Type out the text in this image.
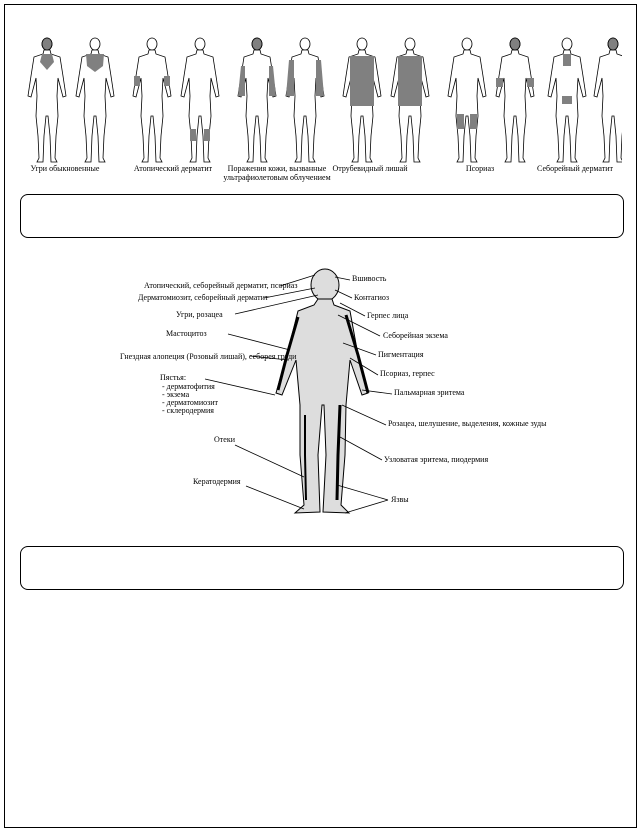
Угри обыкновенные	Атопический дерматит	Поражения кожи, вызванные ультрафиолетовым облучением
Отрубевидный лишай	Псориаз	Себорейный дерматит
Атопический, себорейный дерматит, псориаз
Дерматомиозит, себорейный дерматит
Угри, розацеа
Мастоцитоз
Гнездная алопеция (Розовый лишай), себорея груди
Пястья:
- дерматофития
- экзема
- дерматомиозит
- склеродермия
Отеки
Кератодермия
Вшивость
Контагиоз
Герпес лица
Себорейная экзема
Пигментация
Псориаз, герпес
Пальмарная эритема
Розацеа, шелушение, выделения, кожные зуды
Узловатая эритема, пиодермия
Язвы
